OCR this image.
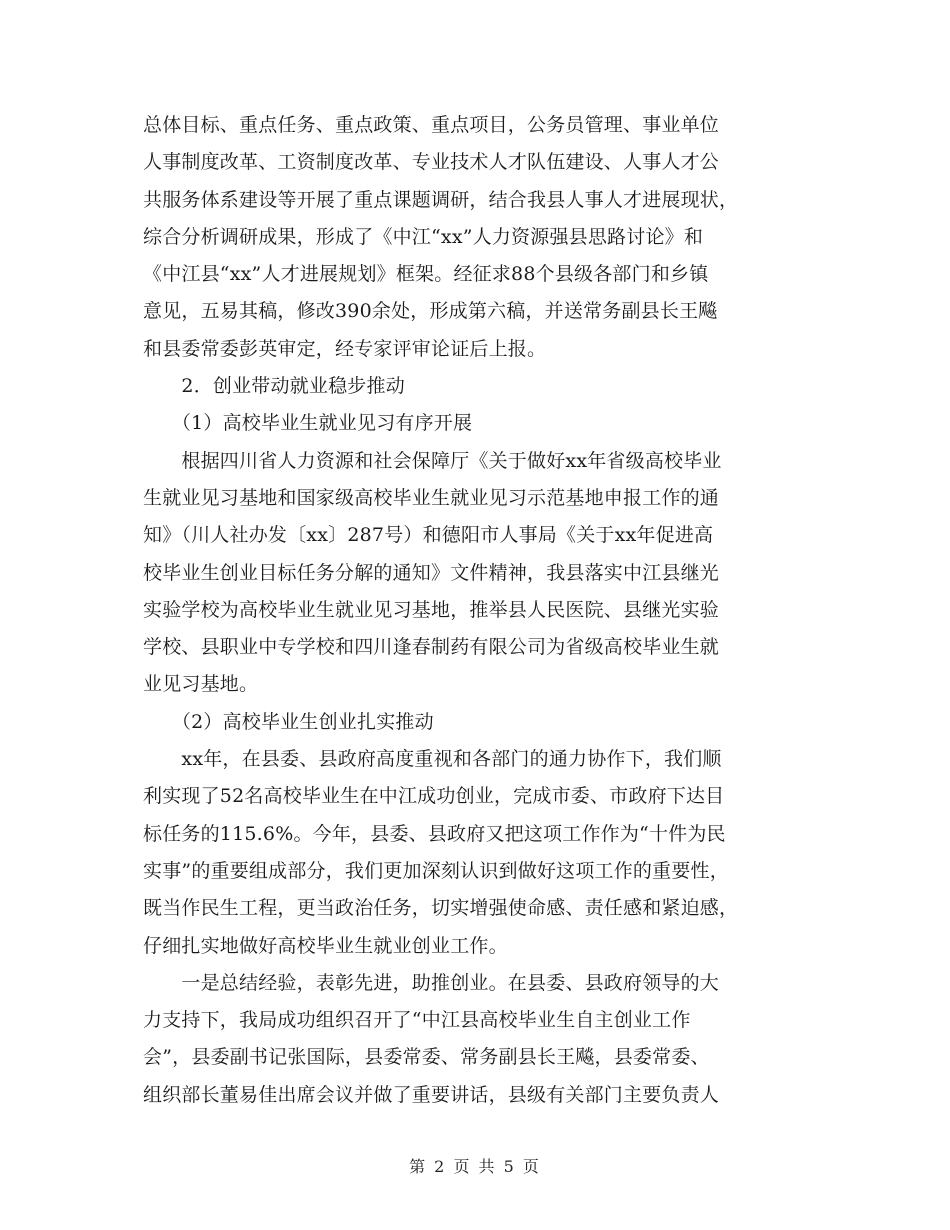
总体目标、重点任务、重点政策、重点项目，公务员管理、事业单位
人事制度改革、工资制度改革、专业技术人才队伍建设、人事人才公
共服务体系建设等开展了重点课题调研，结合我县人事人才进展现状，
综合分析调研成果，形成了《中江“xx”人力资源强县思路讨论》和
《中江县“xx”人才进展规划》框架。经征求88个县级各部门和乡镇
意见，五易其稿，修改390余处，形成第六稿，并送常务副县长王飚
和县委常委彭英审定，经专家评审论证后上报。
　　2．创业带动就业稳步推动
　　（1）高校毕业生就业见习有序开展
　　根据四川省人力资源和社会保障厅《关于做好xx年省级高校毕业
生就业见习基地和国家级高校毕业生就业见习示范基地申报工作的通
知》（川人社办发〔xx〕287号）和德阳市人事局《关于xx年促进高
校毕业生创业目标任务分解的通知》文件精神，我县落实中江县继光
实验学校为高校毕业生就业见习基地，推举县人民医院、县继光实验
学校、县职业中专学校和四川逢春制药有限公司为省级高校毕业生就
业见习基地。
　　（2）高校毕业生创业扎实推动
　　xx年，在县委、县政府高度重视和各部门的通力协作下，我们顺
利实现了52名高校毕业生在中江成功创业，完成市委、市政府下达目
标任务的115.6%。今年，县委、县政府又把这项工作作为“十件为民
实事”的重要组成部分，我们更加深刻认识到做好这项工作的重要性，
既当作民生工程，更当政治任务，切实增强使命感、责任感和紧迫感，
仔细扎实地做好高校毕业生就业创业工作。
　　一是总结经验，表彰先进，助推创业。在县委、县政府领导的大
力支持下，我局成功组织召开了“中江县高校毕业生自主创业工作
会”，县委副书记张国际，县委常委、常务副县长王飚，县委常委、
组织部长董易佳出席会议并做了重要讲话，县级有关部门主要负责人
第 2 页 共 5 页
